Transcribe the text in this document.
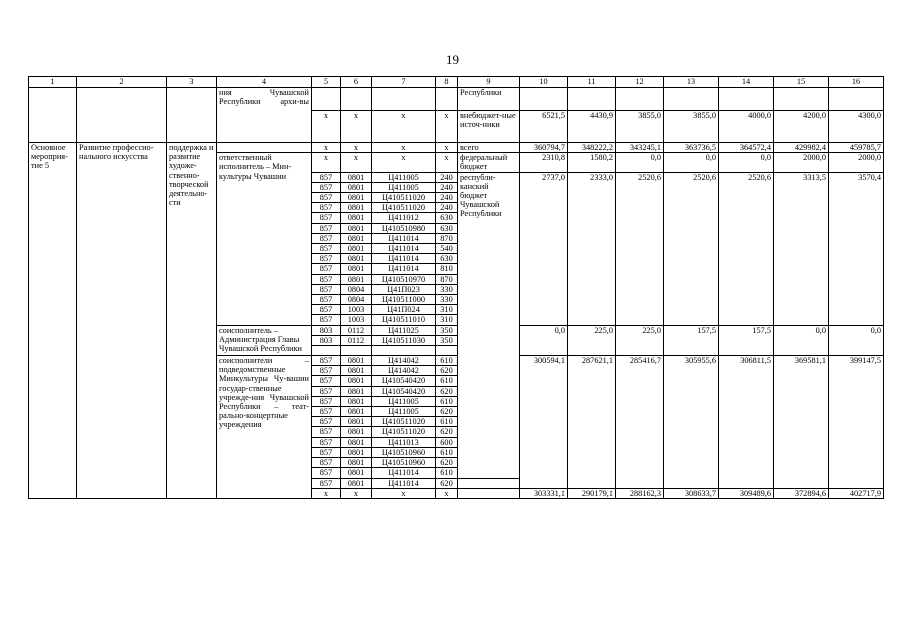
19
1	2	3	4	5	6	7	8	9	10	11	12	13	14	15	16
			ния Чувашской Республики архи-вы					Республики							
				x	x	x	x	внебюджет-ные источ-ники	6521,5	4430,9	3855,0	3855,0	4000,0	4200,0	4300,0
Основное мероприя-тие 5	Развитие профессио-нального искусства	поддержка и развитие художе-ственно-творческой деятельно-сти		x	x	x	x	всего	360794,7	348222,2	343245,1	363736,5	364572,4	429982,4	459785,7
			ответственный исполнитель – Мин-культуры Чувашии	x	x	x	x	федеральный бюджет	2310,8	1580,2	0,0	0,0	0,0	2000,0	2000,0
				857	0801	Ц411005	240	республи-канский бюджет Чувашской Республики	2737,0	2333,0	2520,6	2520,6	2520,6	3313,5	3570,4
				857	0801	Ц411005	240								
				857	0801	Ц410511020	240								
				857	0801	Ц410511020	240								
				857	0801	Ц411012	630								
				857	0801	Ц410510980	630								
				857	0801	Ц411014	870								
				857	0801	Ц411014	540								
				857	0801	Ц411014	630								
				857	0801	Ц411014	810								
				857	0801	Ц410510970	870								
				857	0804	Ц41П023	330								
				857	0804	Ц410511000	330								
				857	1003	Ц41П024	310								
				857	1003	Ц410511010	310								
			соисполнитель – Администрация Главы Чувашской Республики	803	0112	Ц411025	350		0,0	225,0	225,0	157,5	157,5	0,0	0,0
				803	0112	Ц410511030	350								

			соисполнители – подведомственные Минкультуры Чу-вашии государ-ственные учрежде-ния Чувашской Республики – теат-рально-концертные учреждения	857	0801	Ц414042	610		300594,1	287621,1	285416,7	305955,6	306811,5	369581,1	399147,5
				857	0801	Ц414042	620								
				857	0801	Ц410540420	610								
				857	0801	Ц410540420	620								
				857	0801	Ц411005	610								
				857	0801	Ц411005	620								
				857	0801	Ц410511020	610								
				857	0801	Ц410511020	620								
				857	0801	Ц411013	600								
				857	0801	Ц410510960	610								
				857	0801	Ц410510960	620								
				857	0801	Ц411014	610								
				857	0801	Ц411014	620								
				x	x	x	x		303331,1	290179,1	288162,3	308633,7	309489,6	372894,6	402717,9
